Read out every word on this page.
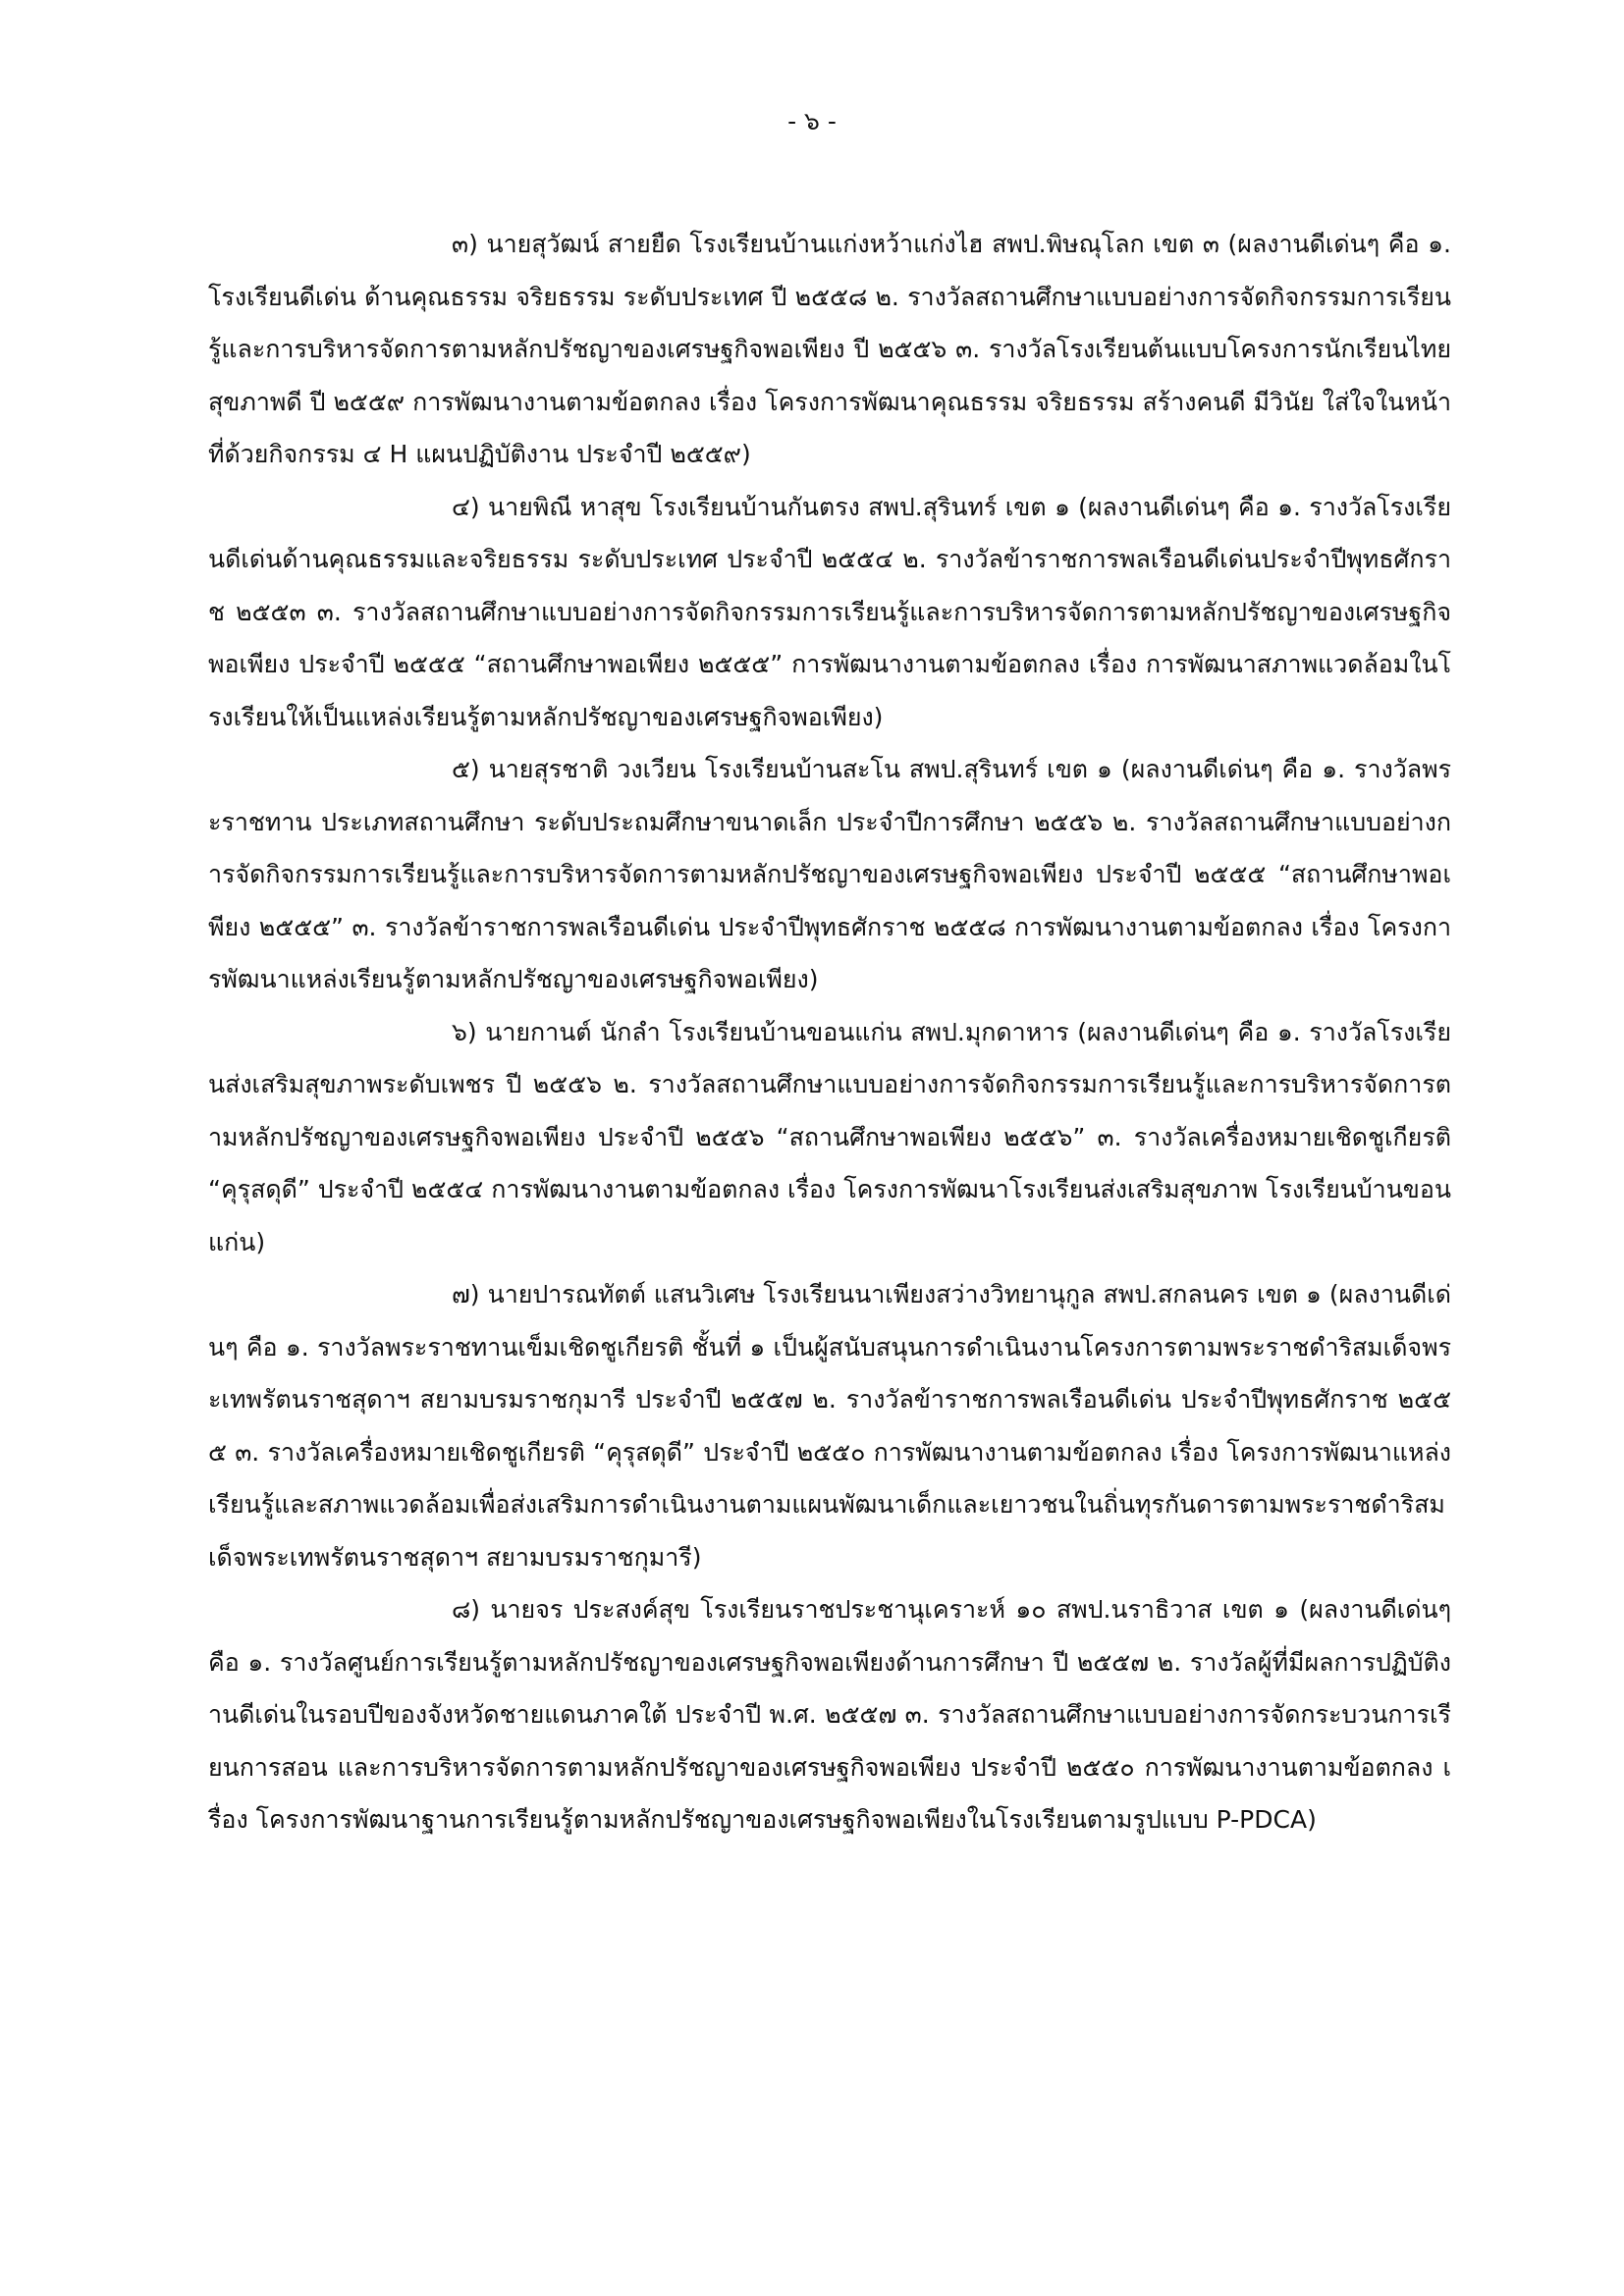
- ๖ -

๓) นายสุวัฒน์ สายยืด โรงเรียนบ้านแก่งหว้าแก่งไฮ สพป.พิษณุโลก เขต ๓ (ผลงานดีเด่นๆ คือ ๑. โรงเรียนดีเด่น ด้านคุณธรรม จริยธรรม ระดับประเทศ ปี ๒๕๕๘ ๒. รางวัลสถานศึกษาแบบอย่างการจัดกิจกรรมการเรียนรู้และการบริหารจัดการตามหลักปรัชญาของเศรษฐกิจพอเพียง ปี ๒๕๕๖ ๓. รางวัลโรงเรียนต้นแบบโครงการนักเรียนไทยสุขภาพดี ปี ๒๕๕๙ การพัฒนางานตามข้อตกลง เรื่อง โครงการพัฒนาคุณธรรม จริยธรรม สร้างคนดี มีวินัย ใส่ใจในหน้าที่ด้วยกิจกรรม ๔ H แผนปฏิบัติงาน ประจำปี ๒๕๕๙)

๔) นายพิณี หาสุข โรงเรียนบ้านกันตรง สพป.สุรินทร์ เขต ๑ (ผลงานดีเด่นๆ คือ ๑. รางวัลโรงเรียนดีเด่นด้านคุณธรรมและจริยธรรม ระดับประเทศ ประจำปี ๒๕๕๔ ๒. รางวัลข้าราชการพลเรือนดีเด่นประจำปีพุทธศักราช ๒๕๕๓ ๓. รางวัลสถานศึกษาแบบอย่างการจัดกิจกรรมการเรียนรู้และการบริหารจัดการตามหลักปรัชญาของเศรษฐกิจพอเพียง ประจำปี ๒๕๕๕ “สถานศึกษาพอเพียง ๒๕๕๕” การพัฒนางานตามข้อตกลง เรื่อง การพัฒนาสภาพแวดล้อมในโรงเรียนให้เป็นแหล่งเรียนรู้ตามหลักปรัชญาของเศรษฐกิจพอเพียง)

๕) นายสุรชาติ วงเวียน โรงเรียนบ้านสะโน สพป.สุรินทร์ เขต ๑ (ผลงานดีเด่นๆ คือ ๑. รางวัลพระราชทาน ประเภทสถานศึกษา ระดับประถมศึกษาขนาดเล็ก ประจำปีการศึกษา ๒๕๕๖ ๒. รางวัลสถานศึกษาแบบอย่างการจัดกิจกรรมการเรียนรู้และการบริหารจัดการตามหลักปรัชญาของเศรษฐกิจพอเพียง ประจำปี ๒๕๕๕ “สถานศึกษาพอเพียง ๒๕๕๕” ๓. รางวัลข้าราชการพลเรือนดีเด่น ประจำปีพุทธศักราช ๒๕๕๘ การพัฒนางานตามข้อตกลง เรื่อง โครงการพัฒนาแหล่งเรียนรู้ตามหลักปรัชญาของเศรษฐกิจพอเพียง)

๖) นายกานต์ นักลำ โรงเรียนบ้านขอนแก่น สพป.มุกดาหาร (ผลงานดีเด่นๆ คือ ๑. รางวัลโรงเรียนส่งเสริมสุขภาพระดับเพชร ปี ๒๕๕๖ ๒. รางวัลสถานศึกษาแบบอย่างการจัดกิจกรรมการเรียนรู้และการบริหารจัดการตามหลักปรัชญาของเศรษฐกิจพอเพียง ประจำปี ๒๕๕๖ “สถานศึกษาพอเพียง ๒๕๕๖” ๓. รางวัลเครื่องหมายเชิดชูเกียรติ “คุรุสดุดี” ประจำปี ๒๕๕๔ การพัฒนางานตามข้อตกลง เรื่อง โครงการพัฒนาโรงเรียนส่งเสริมสุขภาพ โรงเรียนบ้านขอนแก่น)

๗) นายปารณทัตต์ แสนวิเศษ โรงเรียนนาเพียงสว่างวิทยานุกูล สพป.สกลนคร เขต ๑ (ผลงานดีเด่นๆ คือ ๑. รางวัลพระราชทานเข็มเชิดชูเกียรติ ชั้นที่ ๑ เป็นผู้สนับสนุนการดำเนินงานโครงการตามพระราชดำริสมเด็จพระเทพรัตนราชสุดาฯ สยามบรมราชกุมารี ประจำปี ๒๕๕๗ ๒. รางวัลข้าราชการพลเรือนดีเด่น ประจำปีพุทธศักราช ๒๕๕๕ ๓. รางวัลเครื่องหมายเชิดชูเกียรติ “คุรุสดุดี” ประจำปี ๒๕๕๐ การพัฒนางานตามข้อตกลง เรื่อง โครงการพัฒนาแหล่งเรียนรู้และสภาพแวดล้อมเพื่อส่งเสริมการดำเนินงานตามแผนพัฒนาเด็กและเยาวชนในถิ่นทุรกันดารตามพระราชดำริสมเด็จพระเทพรัตนราชสุดาฯ สยามบรมราชกุมารี)

๘) นายจร ประสงค์สุข โรงเรียนราชประชานุเคราะห์ ๑๐ สพป.นราธิวาส เขต ๑ (ผลงานดีเด่นๆ คือ ๑. รางวัลศูนย์การเรียนรู้ตามหลักปรัชญาของเศรษฐกิจพอเพียงด้านการศึกษา ปี ๒๕๕๗ ๒. รางวัลผู้ที่มีผลการปฏิบัติงานดีเด่นในรอบปีของจังหวัดชายแดนภาคใต้ ประจำปี พ.ศ. ๒๕๕๗ ๓. รางวัลสถานศึกษาแบบอย่างการจัดกระบวนการเรียนการสอน และการบริหารจัดการตามหลักปรัชญาของเศรษฐกิจพอเพียง ประจำปี ๒๕๕๐ การพัฒนางานตามข้อตกลง เรื่อง โครงการพัฒนาฐานการเรียนรู้ตามหลักปรัชญาของเศรษฐกิจพอเพียงในโรงเรียนตามรูปแบบ P-PDCA)
